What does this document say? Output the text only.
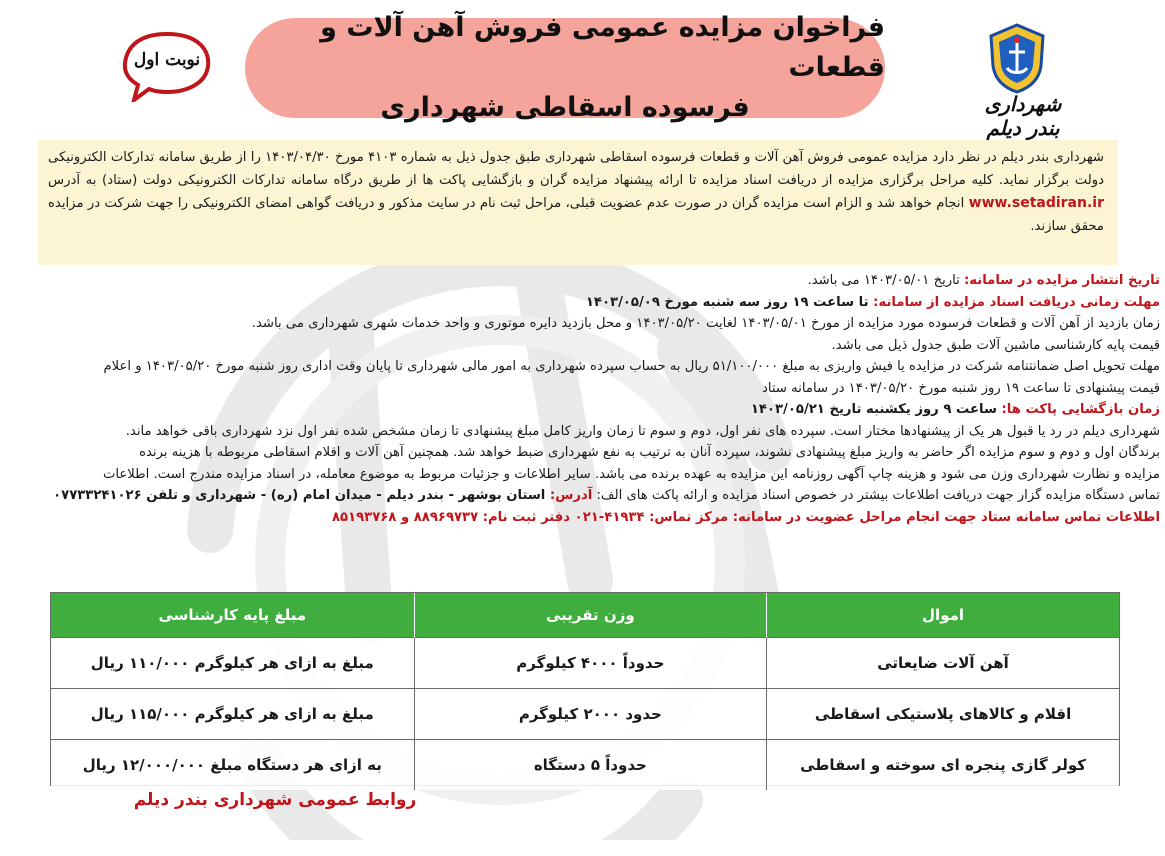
نوبت اول
فراخوان مزایده عمومی فروش آهن آلات و قطعات
فرسوده اسقاطی شهرداری	شهرداری بندر دیلم

شهرداری بندر دیلم در نظر دارد مزایده عمومی فروش آهن آلات و قطعات فرسوده اسقاطی شهرداری طبق جدول ذیل به شماره ۴۱۰۳ مورخ ۱۴۰۳/۰۴/۳۰ را از طریق سامانه تدارکات الکترونیکی دولت برگزار نماید. کلیه مراحل برگزاری مزایده از دریافت اسناد مزایده تا ارائه پیشنهاد مزایده گران و بازگشایی پاکت ها از طریق درگاه سامانه تدارکات الکترونیکی دولت (ستاد) به آدرس www.setadiran.ir انجام خواهد شد و الزام است مزایده گران در صورت عدم عضویت قبلی، مراحل ثبت نام در سایت مذکور و دریافت گواهی امضای الکترونیکی را جهت شرکت در مزایده محقق سازند.

تاریخ انتشار مزایده در سامانه: تاریخ ۱۴۰۳/۰۵/۰۱ می باشد.
مهلت زمانی دریافت اسناد مزایده از سامانه: تا ساعت ۱۹ روز سه شنبه مورخ ۱۴۰۳/۰۵/۰۹
زمان بازدید از آهن آلات و قطعات فرسوده مورد مزایده از مورخ ۱۴۰۳/۰۵/۰۱ لغایت ۱۴۰۳/۰۵/۲۰ و محل بازدید دایره موتوری و واحد خدمات شهری شهرداری می باشد.
قیمت پایه کارشناسی ماشین آلات طبق جدول ذیل می باشد.
مهلت تحویل اصل ضمانتنامه شرکت در مزایده یا فیش واریزی به مبلغ ۵۱/۱۰۰/۰۰۰ ریال به حساب سپرده شهرداری به امور مالی شهرداری تا پایان وقت اداری روز شنبه مورخ ۱۴۰۳/۰۵/۲۰ و اعلام
قیمت پیشنهادی تا ساعت ۱۹ روز شنبه مورخ ۱۴۰۳/۰۵/۲۰ در سامانه ستاد
زمان بازگشایی پاکت ها: ساعت ۹ روز یکشنبه تاریخ ۱۴۰۳/۰۵/۲۱
شهرداری دیلم در رد یا قبول هر یک از پیشنهادها مختار است. سپرده های نفر اول، دوم و سوم تا زمان واریز کامل مبلغ پیشنهادی تا زمان مشخص شده نفر اول نزد شهرداری باقی خواهد ماند.
برندگان اول و دوم و سوم مزایده اگر حاضر به واریز مبلغ پیشنهادی نشوند، سپرده آنان به ترتیب به نفع شهرداری ضبط خواهد شد. همچنین آهن آلات و اقلام اسقاطی مربوطه با هزینه برنده
مزایده و نظارت شهرداری وزن می شود و هزینه چاپ آگهی روزنامه این مزایده به عهده برنده می باشد. سایر اطلاعات و جزئیات مربوط به موضوع معامله، در اسناد مزایده مندرج است. اطلاعات
تماس دستگاه مزایده گزار جهت دریافت اطلاعات بیشتر در خصوص اسناد مزایده و ارائه پاکت های الف: آدرس: استان بوشهر - بندر دیلم - میدان امام (ره) - شهرداری و تلفن ۰۷۷۳۳۲۴۱۰۲۶
اطلاعات تماس سامانه ستاد جهت انجام مراحل عضویت در سامانه: مرکز تماس: ۴۱۹۳۴-۰۲۱ دفتر ثبت نام: ۸۸۹۶۹۷۳۷ و ۸۵۱۹۳۷۶۸
اموال	وزن تقریبی	مبلغ پایه کارشناسی
آهن آلات ضایعاتی	حدوداً ۴۰۰۰ کیلوگرم	مبلغ به ازای هر کیلوگرم ۱۱۰/۰۰۰ ریال
اقلام و کالاهای پلاستیکی اسقاطی	حدود ۲۰۰۰ کیلوگرم	مبلغ به ازای هر کیلوگرم ۱۱۵/۰۰۰ ریال
کولر گازی پنجره ای سوخته و اسقاطی	حدوداً ۵ دستگاه	به ازای هر دستگاه مبلغ ۱۲/۰۰۰/۰۰۰ ریال
روابط عمومی شهرداری بندر دیلم
